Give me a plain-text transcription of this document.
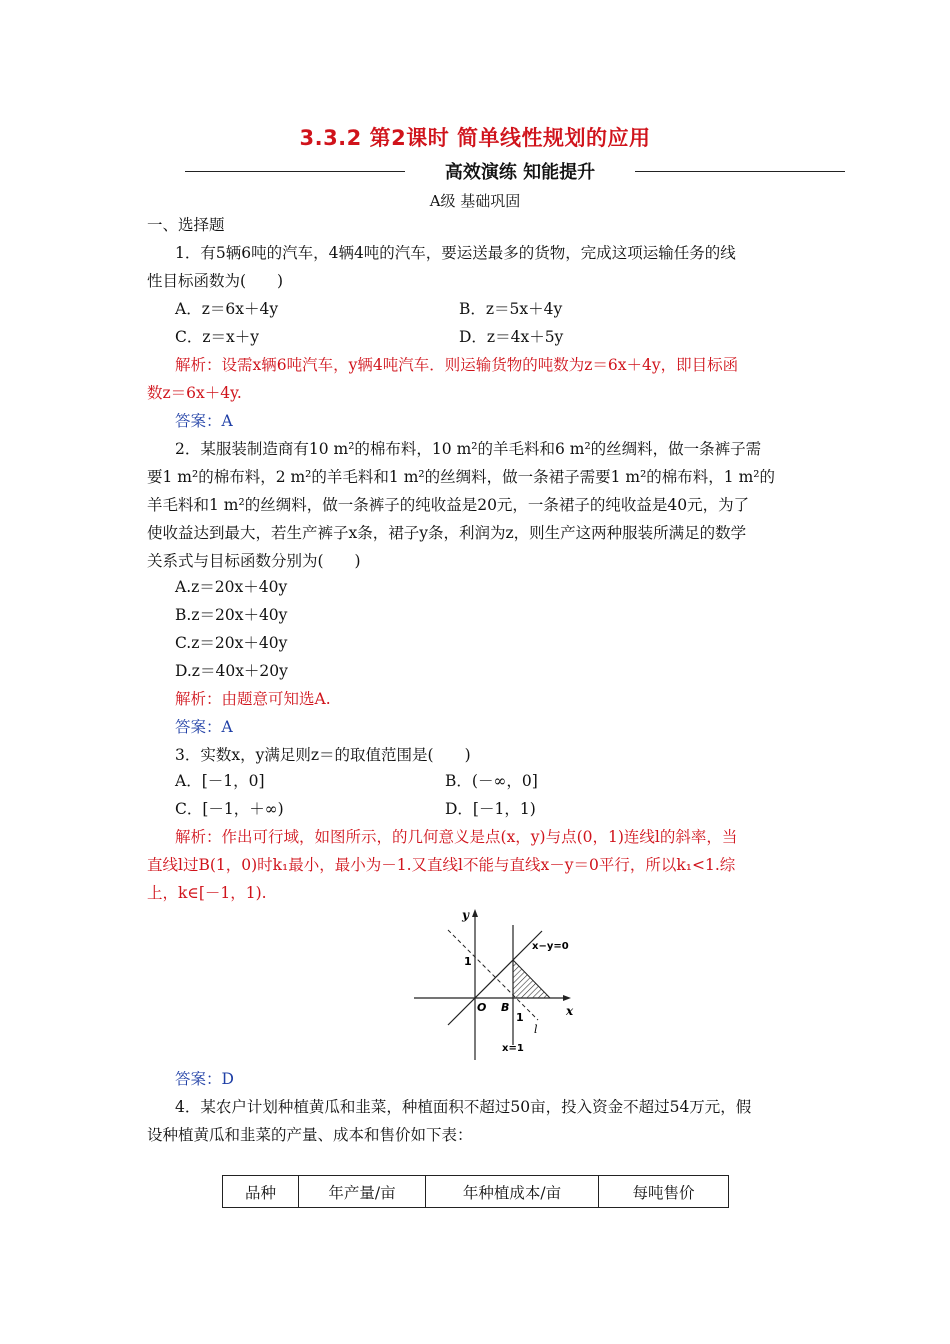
3.3.2 第2课时 简单线性规划的应用
高效演练 知能提升
A级 基础巩固
一、选择题
1．有5辆6吨的汽车，4辆4吨的汽车，要运送最多的货物，完成这项运输任务的线
性目标函数为(　　)
A．z＝6x＋4y	B．z＝5x＋4y
C．z＝x＋y	D．z＝4x＋5y
解析：设需x辆6吨汽车，y辆4吨汽车．则运输货物的吨数为z＝6x＋4y，即目标函
数z＝6x＋4y.
答案：A
2．某服装制造商有10 m²的棉布料，10 m²的羊毛料和6 m²的丝绸料，做一条裤子需
要1 m²的棉布料，2 m²的羊毛料和1 m²的丝绸料，做一条裙子需要1 m²的棉布料，1 m²的
羊毛料和1 m²的丝绸料，做一条裤子的纯收益是20元，一条裙子的纯收益是40元，为了
使收益达到最大，若生产裤子x条，裙子y条，利润为z，则生产这两种服装所满足的数学
关系式与目标函数分别为(　　)
A.z＝20x＋40y
B.z＝20x＋40y
C.z＝20x＋40y
D.z＝40x＋20y
解析：由题意可知选A.
答案：A
3．实数x，y满足则z＝的取值范围是(　　)
A．[－1，0]	B．(－∞，0]
C．[－1，＋∞)	D．[－1，1)
解析：作出可行域，如图所示，的几何意义是点(x，y)与点(0，1)连线l的斜率，当
直线l过B(1，0)时k₁最小，最小为－1.又直线l不能与直线x－y＝0平行，所以k₁<1.综
上，k∈[－1，1).
y
x
1
O B
1
l
x−y=0
x=1
答案：D
4．某农户计划种植黄瓜和韭菜，种植面积不超过50亩，投入资金不超过54万元，假
设种植黄瓜和韭菜的产量、成本和售价如下表：
品种	年产量/亩	年种植成本/亩	每吨售价
